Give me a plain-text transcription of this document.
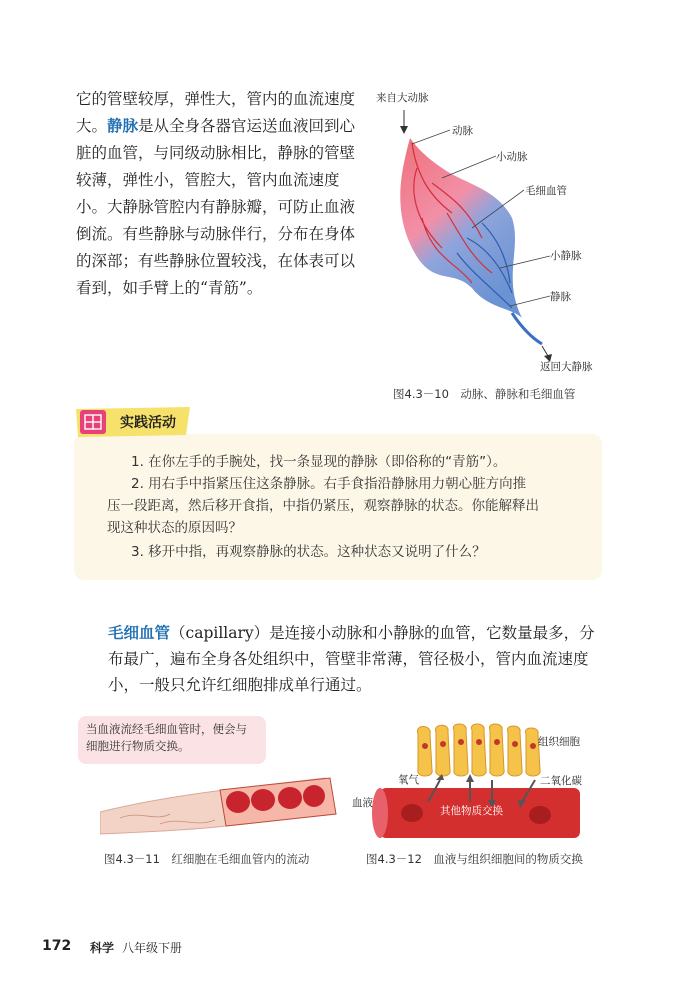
它的管壁较厚，弹性大，管内的血流速度大。静脉是从全身各器官运送血液回到心脏的血管，与同级动脉相比，静脉的管壁较薄，弹性小，管腔大，管内血流速度小。大静脉管腔内有静脉瓣，可防止血液倒流。有些静脉与动脉伴行，分布在身体的深部；有些静脉位置较浅，在体表可以看到，如手臂上的“青筋”。
来自大动脉
动脉
小动脉
毛细血管
小静脉
静脉
返回大静脉
图4.3－10　动脉、静脉和毛细血管
实践活动
1. 在你左手的手腕处，找一条显现的静脉（即俗称的“青筋”）。
2. 用右手中指紧压住这条静脉。右手食指沿静脉用力朝心脏方向推
压一段距离，然后移开食指，中指仍紧压，观察静脉的状态。你能解释出
现这种状态的原因吗？
3. 移开中指，再观察静脉的状态。这种状态又说明了什么？
毛细血管（capillary）是连接小动脉和小静脉的血管，它数量最多，分布最广，遍布全身各处组织中，管壁非常薄，管径极小，管内血流速度小，一般只允许红细胞排成单行通过。
当血液流经毛细血管时，便会与细胞进行物质交换。
图4.3－11　红细胞在毛细血管内的流动
组织细胞
氧气	二氧化碳
血液
其他物质交换
图4.3－12　血液与组织细胞间的物质交换
172 科学 八年级下册
